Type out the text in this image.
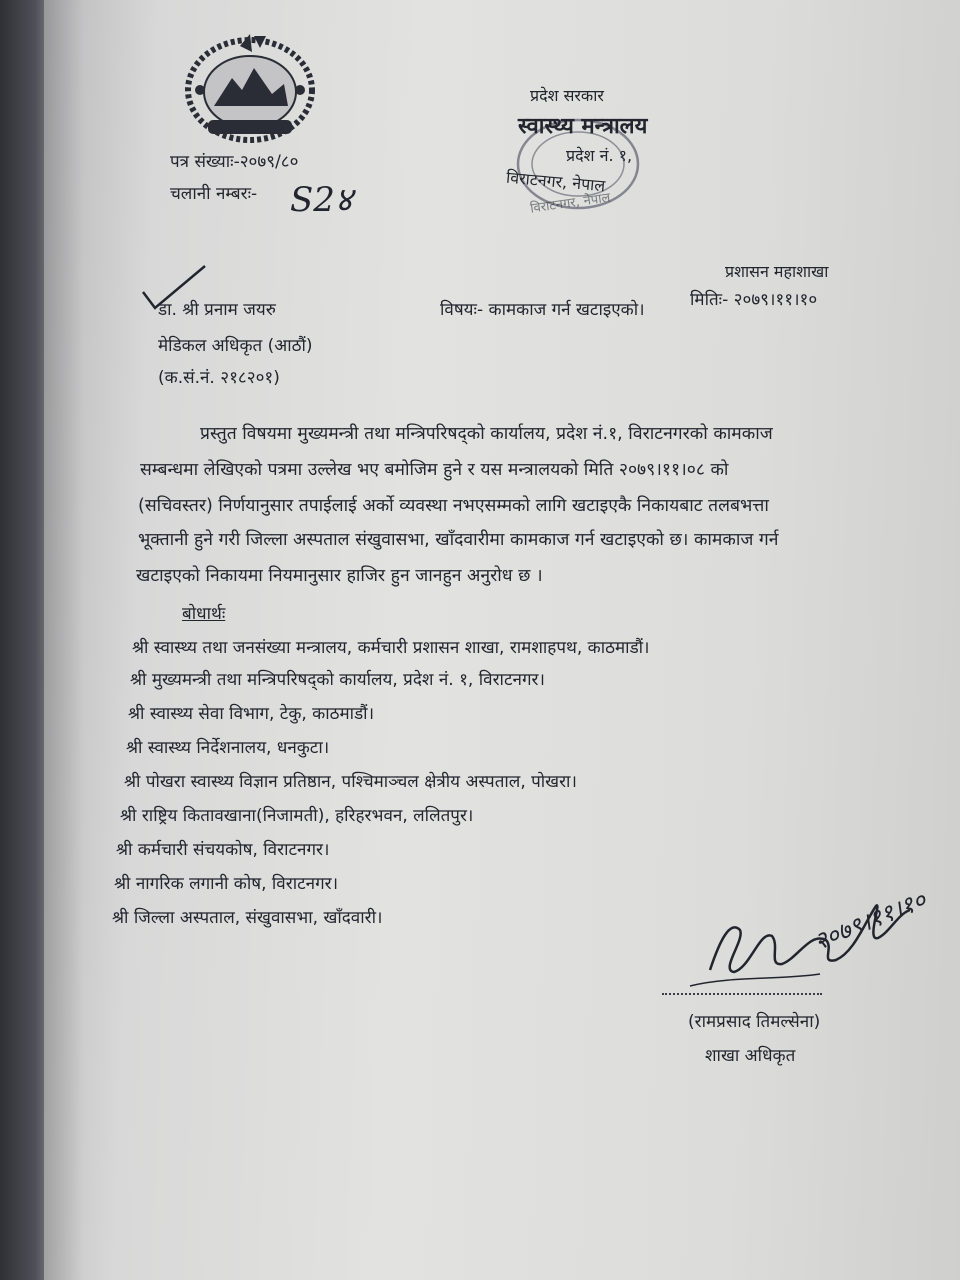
प्रदेश सरकार
स्वास्थ्य मन्त्रालय
प्रदेश नं. १,
विराटनगर, नेपाल
विराटनगर, नेपाल
पत्र संख्याः-२०७९/८०
चलानी नम्बरः- S2४
प्रशासन महाशाखा
मितिः- २०७९।११।१०
डा. श्री प्रनाम जयरु
मेडिकल अधिकृत (आठौं)
(क.सं.नं. २१८२०१)
विषयः- कामकाज गर्न खटाइएको।
प्रस्तुत विषयमा मुख्यमन्त्री तथा मन्त्रिपरिषद्को कार्यालय, प्रदेश नं.१, विराटनगरको कामकाज
सम्बन्धमा लेखिएको पत्रमा उल्लेख भए बमोजिम हुने र यस मन्त्रालयको मिति २०७९।११।०८ को
(सचिवस्तर) निर्णयानुसार तपाईलाई अर्को व्यवस्था नभएसम्मको लागि खटाइएकै निकायबाट तलबभत्ता
भूक्तानी हुने गरी जिल्ला अस्पताल संखुवासभा, खाँदवारीमा कामकाज गर्न खटाइएको छ। कामकाज गर्न
खटाइएको निकायमा नियमानुसार हाजिर हुन जानहुन अनुरोध छ ।
बोधार्थः
श्री स्वास्थ्य तथा जनसंख्या मन्त्रालय, कर्मचारी प्रशासन शाखा, रामशाहपथ, काठमाडौं।
श्री मुख्यमन्त्री तथा मन्त्रिपरिषद्को कार्यालय, प्रदेश नं. १, विराटनगर।
श्री स्वास्थ्य सेवा विभाग, टेकु, काठमाडौं।
श्री स्वास्थ्य निर्देशनालय, धनकुटा।
श्री पोखरा स्वास्थ्य विज्ञान प्रतिष्ठान, पश्चिमाञ्चल क्षेत्रीय अस्पताल, पोखरा।
श्री राष्ट्रिय कितावखाना(निजामती), हरिहरभवन, ललितपुर।
श्री कर्मचारी संचयकोष, विराटनगर।
श्री नागरिक लगानी कोष, विराटनगर।
श्री जिल्ला अस्पताल, संखुवासभा, खाँदवारी।	२०७९।११।१०
(रामप्रसाद तिमल्सेना)
शाखा अधिकृत
